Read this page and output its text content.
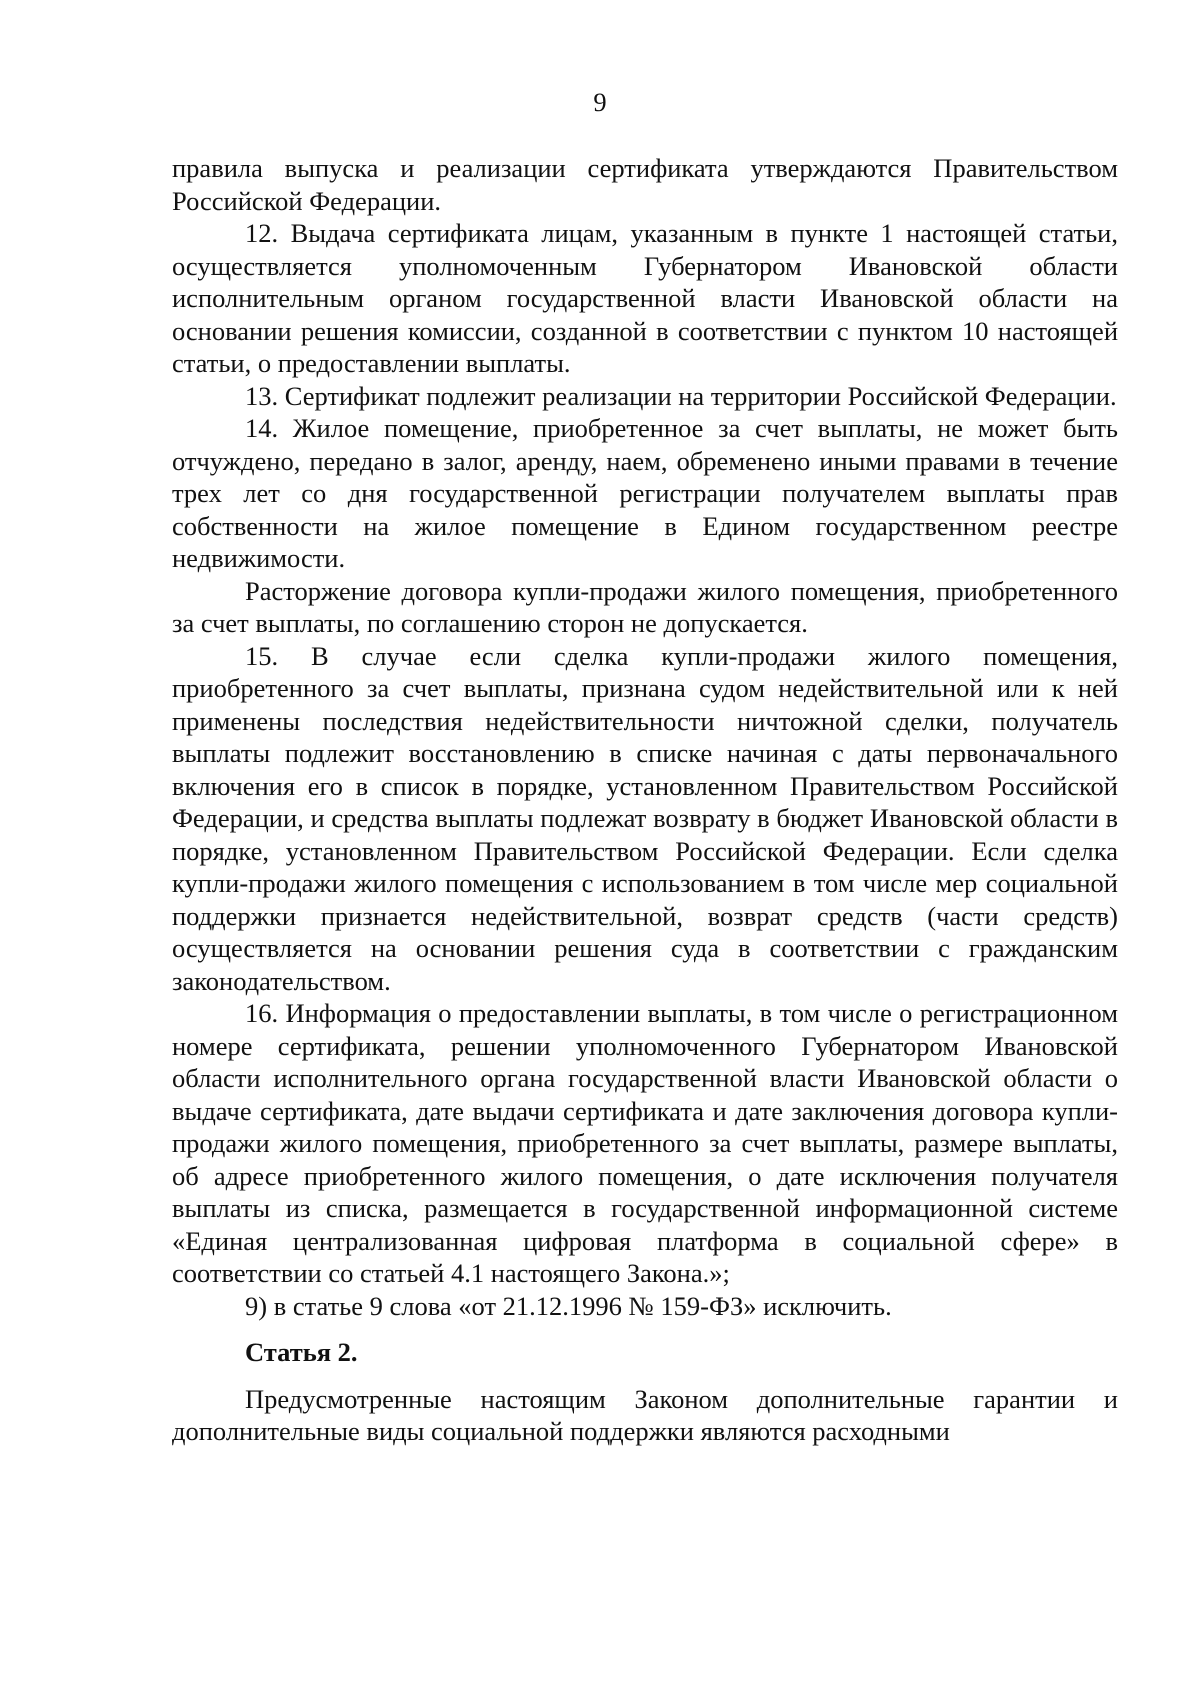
9

правила выпуска и реализации сертификата утверждаются Правительством Российской Федерации.

12. Выдача сертификата лицам, указанным в пункте 1 настоящей статьи, осуществляется уполномоченным Губернатором Ивановской области исполнительным органом государственной власти Ивановской области на основании решения комиссии, созданной в соответствии с пунктом 10 настоящей статьи, о предоставлении выплаты.

13. Сертификат подлежит реализации на территории Российской Федерации.

14. Жилое помещение, приобретенное за счет выплаты, не может быть отчуждено, передано в залог, аренду, наем, обременено иными правами в течение трех лет со дня государственной регистрации получателем выплаты прав собственности на жилое помещение в Едином государственном реестре недвижимости.

Расторжение договора купли-продажи жилого помещения, приобретенного за счет выплаты, по соглашению сторон не допускается.

15. В случае если сделка купли-продажи жилого помещения, приобретенного за счет выплаты, признана судом недействительной или к ней применены последствия недействительности ничтожной сделки, получатель выплаты подлежит восстановлению в списке начиная с даты первоначального включения его в список в порядке, установленном Правительством Российской Федерации, и средства выплаты подлежат возврату в бюджет Ивановской области в порядке, установленном Правительством Российской Федерации. Если сделка купли-продажи жилого помещения с использованием в том числе мер социальной поддержки признается недействительной, возврат средств (части средств) осуществляется на основании решения суда в соответствии с гражданским законодательством.

16. Информация о предоставлении выплаты, в том числе о регистрационном номере сертификата, решении уполномоченного Губернатором Ивановской области исполнительного органа государственной власти Ивановской области о выдаче сертификата, дате выдачи сертификата и дате заключения договора купли-продажи жилого помещения, приобретенного за счет выплаты, размере выплаты, об адресе приобретенного жилого помещения, о дате исключения получателя выплаты из списка, размещается в государственной информационной системе «Единая централизованная цифровая платформа в социальной сфере» в соответствии со статьей 4.1 настоящего Закона.»;

9) в статье 9 слова «от 21.12.1996 № 159-ФЗ» исключить.

Статья 2.

Предусмотренные настоящим Законом дополнительные гарантии и дополнительные виды социальной поддержки являются расходными
